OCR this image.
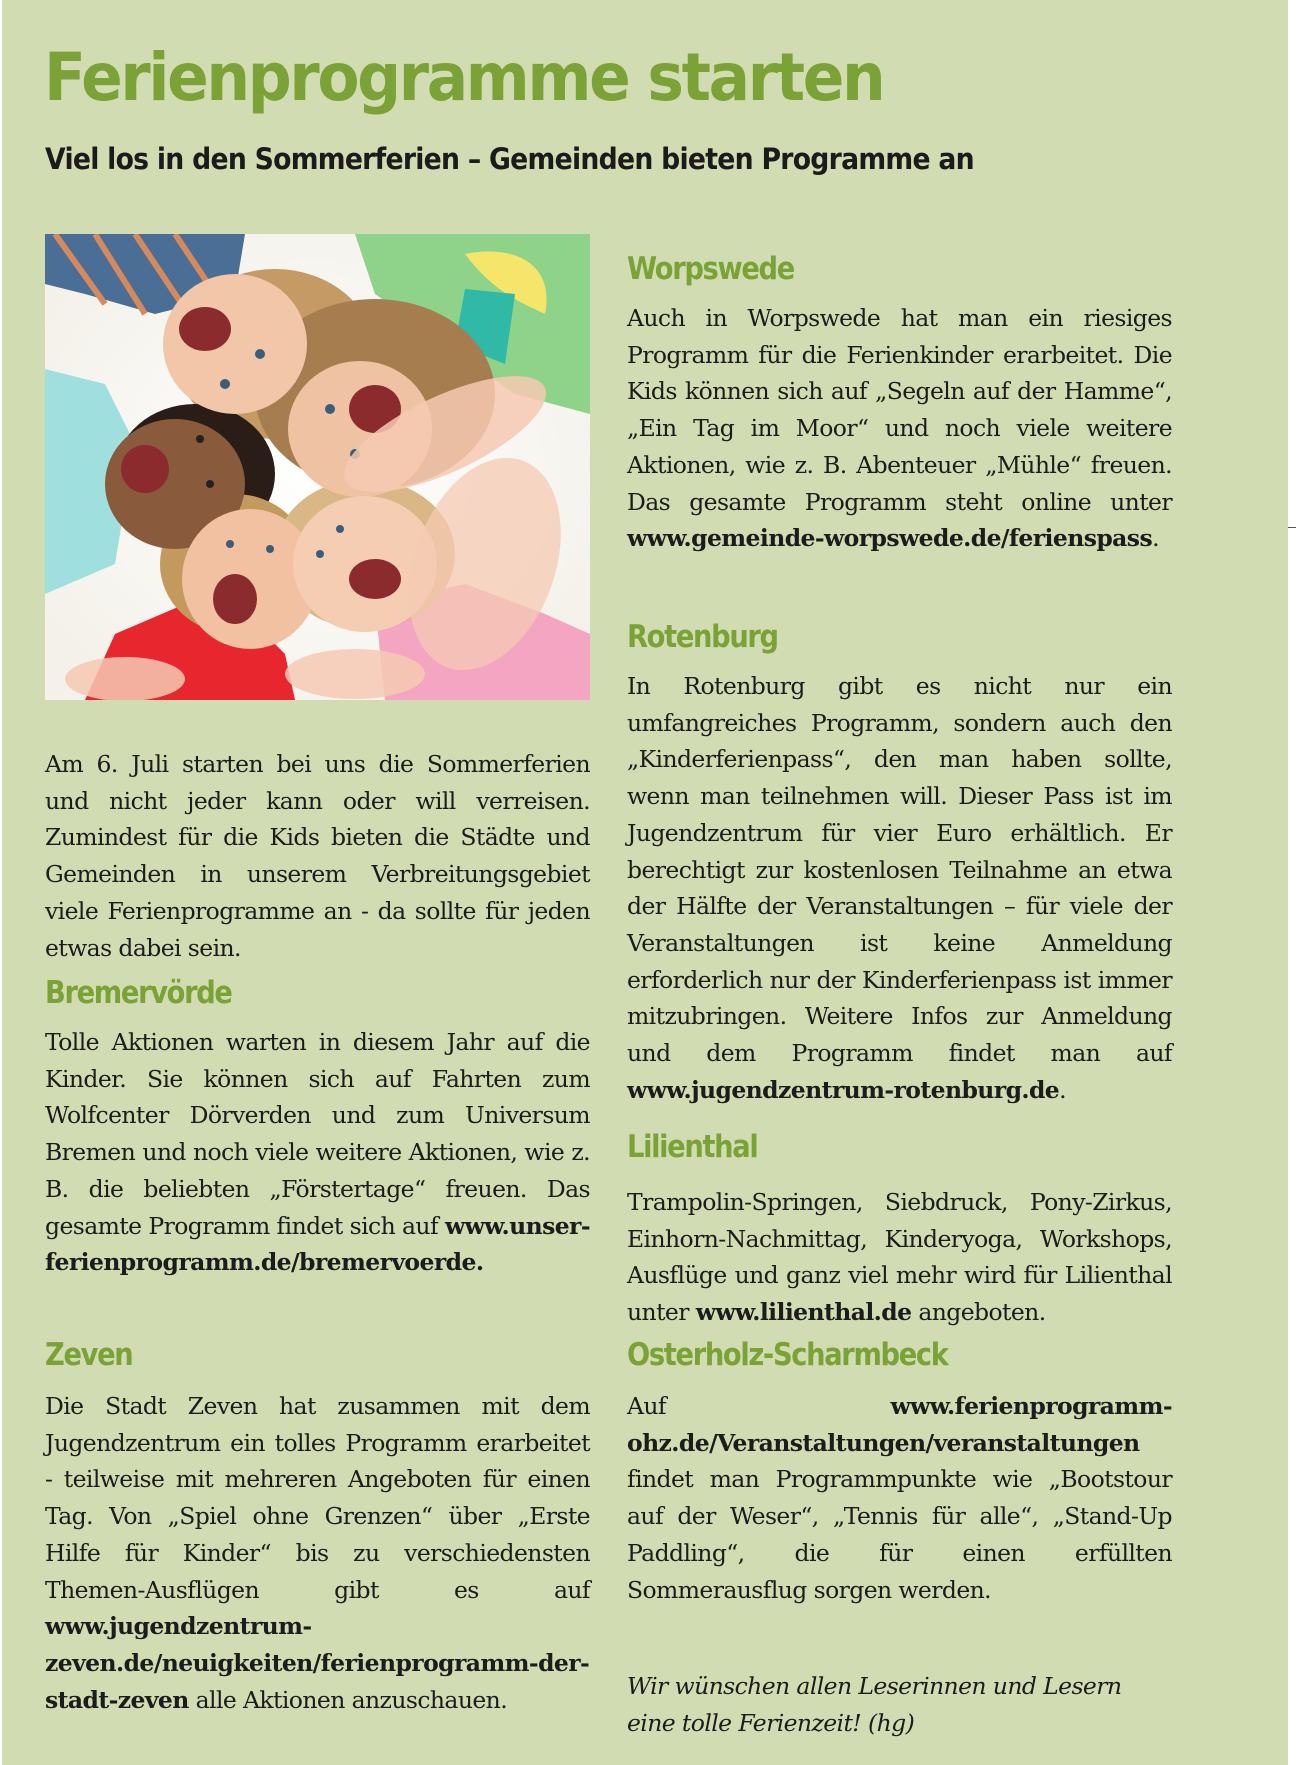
Ferienprogramme starten
Viel los in den Sommerferien – Gemeinden bieten Programme an

Am 6. Juli starten bei uns die Sommerferien und nicht jeder kann oder will verreisen. Zumindest für die Kids bieten die Städte und Gemeinden in unserem Verbreitungsgebiet viele Ferienprogramme an - da sollte für jeden etwas dabei sein.

Bremervörde

Tolle Aktionen warten in diesem Jahr auf die Kinder. Sie können sich auf Fahrten zum Wolfcenter Dörverden und zum Universum Bremen und noch viele weitere Aktionen, wie z. B. die beliebten „Förstertage“ freuen. Das gesamte Programm findet sich auf www.unser-ferienprogramm.de/bremervoerde.

Zeven

Die Stadt Zeven hat zusammen mit dem Jugendzentrum ein tolles Programm erarbeitet - teilweise mit mehreren Angeboten für einen Tag. Von „Spiel ohne Grenzen“ über „Erste Hilfe für Kinder“ bis zu verschiedensten Themen-Ausflügen gibt es auf www.jugendzentrum-zeven.de/neuigkeiten/ferienprogramm-der-stadt-zeven alle Aktionen anzuschauen.

Worpswede

Auch in Worpswede hat man ein riesiges Programm für die Ferienkinder erarbeitet. Die Kids können sich auf „Segeln auf der Hamme“, „Ein Tag im Moor“ und noch viele weitere Aktionen, wie z. B. Abenteuer „Mühle“ freuen. Das gesamte Programm steht online unter www.gemeinde-worpswede.de/ferienspass.

Rotenburg

In Rotenburg gibt es nicht nur ein umfangreiches Programm, sondern auch den „Kinderferienpass“, den man haben sollte, wenn man teilnehmen will. Dieser Pass ist im Jugendzentrum für vier Euro erhältlich. Er berechtigt zur kostenlosen Teilnahme an etwa der Hälfte der Veranstaltungen – für viele der Veranstaltungen ist keine Anmeldung erforderlich nur der Kinderferienpass ist immer mitzubringen. Weitere Infos zur Anmeldung und dem Programm findet man auf www.jugendzentrum-rotenburg.de.

Lilienthal

Trampolin-Springen, Siebdruck, Pony-Zirkus, Einhorn-Nachmittag, Kinderyoga, Workshops, Ausflüge und ganz viel mehr wird für Lilienthal unter www.lilienthal.de angeboten.

Osterholz-Scharmbeck

Auf www.ferienprogramm-ohz.de/Veranstaltungen/veranstaltungen findet man Programmpunkte wie „Bootstour auf der Weser“, „Tennis für alle“, „Stand-Up Paddling“, die für einen erfüllten Sommerausflug sorgen werden.

Wir wünschen allen Leserinnen und Lesern eine tolle Ferienzeit! (hg)
